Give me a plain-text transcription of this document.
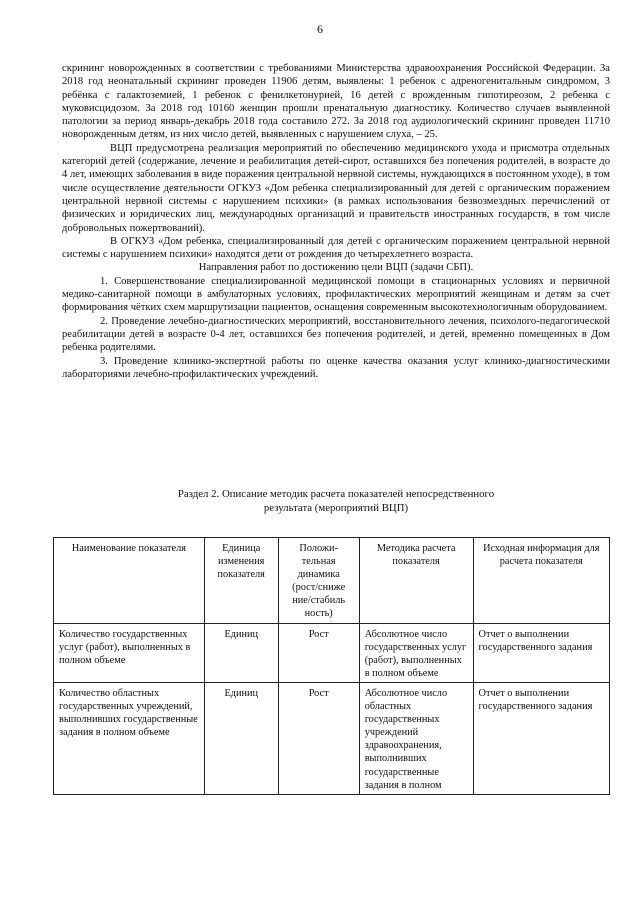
6

скрининг новорожденных в соответствии с требованиями Министерства здравоохранения Российской Федерации. За 2018 год неонатальный скрининг проведен 11906 детям, выявлены: 1 ребенок с адреногенитальным синдромом, 3 ребёнка с галактоземией, 1 ребенок с фенилкетонурией, 16 детей с врожденным гипотиреозом, 2 ребенка с муковисцидозом. За 2018 год 10160 женщин прошли пренатальную диагностику. Количество случаев выявленной патологии за период январь-декабрь 2018 года составило 272. За 2018 год аудиологический скрининг проведен 11710 новорожденным детям, из них число детей, выявленных с нарушением слуха, – 25.

ВЦП предусмотрена реализация мероприятий по обеспечению медицинского ухода и присмотра отдельных категорий детей (содержание, лечение и реабилитация детей-сирот, оставшихся без попечения родителей, в возрасте до 4 лет, имеющих заболевания в виде поражения центральной нервной системы, нуждающихся в постоянном уходе), в том числе осуществление деятельности ОГКУЗ «Дом ребенка специализированный для детей с органическим поражением центральной нервной системы с нарушением психики» (в рамках использования безвозмездных перечислений от физических и юридических лиц, международных организаций и правительств иностранных государств, в том числе добровольных пожертвований).

В ОГКУЗ «Дом ребенка, специализированный для детей с органическим поражением центральной нервной системы с нарушением психики» находятся дети от рождения до четырехлетнего возраста.

Направления работ по достижению цели ВЦП (задачи СБП).

1. Совершенствование специализированной медицинской помощи в стационарных условиях и первичной медико-санитарной помощи в амбулаторных условиях, профилактических мероприятий женщинам и детям за счет формирования чётких схем маршрутизации пациентов, оснащения современным высокотехнологичным оборудованием.

2. Проведение лечебно-диагностических мероприятий, восстановительного лечения, психолого-педагогической реабилитации детей в возрасте 0-4 лет, оставшихся без попечения родителей, и детей, временно помещенных в Дом ребенка родителями.

3. Проведение клинико-экспертной работы по оценке качества оказания услуг клинико-диагностическими лабораториями лечебно-профилактических учреждений.

Раздел 2. Описание методик расчета показателей непосредственного
результата (мероприятий ВЦП)
Наименование показателя	Единица изменения показателя	Положи-тельная динамика (рост/сниже ние/стабиль ность)	Методика расчета показателя	Исходная информация для расчета показателя
Количество государственных услуг (работ), выполненных в полном объеме	Единиц	Рост	Абсолютное число государственных услуг (работ), выполненных в полном объеме	Отчет о выполнении государственного задания
Количество областных государственных учреждений, выполнивших государственные задания в полном объеме	Единиц	Рост	Абсолютное число областных государственных учреждений здравоохранения, выполнивших государственные задания в полном	Отчет о выполнении государственного задания
